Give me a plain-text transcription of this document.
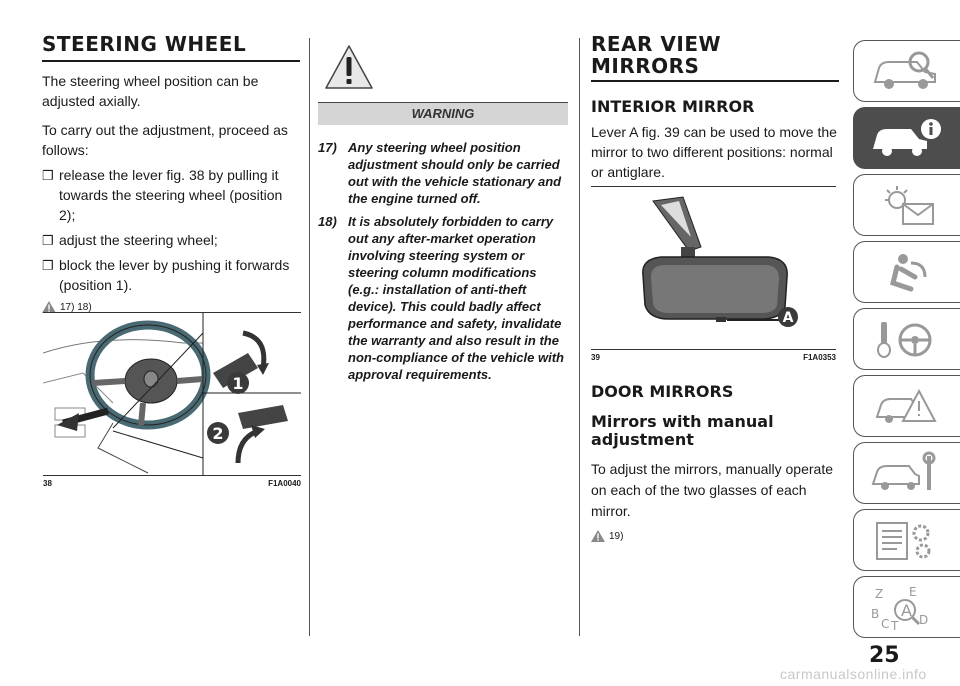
STEERING WHEEL

The steering wheel position can be adjusted axially.

To carry out the adjustment, proceed as follows:

❒ release the lever fig. 38 by pulling it towards the steering wheel (position 2);
❒ adjust the steering wheel;
❒ block the lever by pushing it forwards (position 1).
17) 18)
1
2
38	F1A0040
WARNING
17) Any steering wheel position adjustment should only be carried out with the vehicle stationary and the engine turned off.
18) It is absolutely forbidden to carry out any after-market operation involving steering system or steering column modifications (e.g.: installation of anti-theft device). This could badly affect performance and safety, invalidate the warranty and also result in the non-compliance of the vehicle with approval requirements.
REAR VIEW
MIRRORS
INTERIOR MIRROR

Lever A fig. 39 can be used to move the mirror to two different positions: normal or antiglare.

A
39	F1A0353
DOOR MIRRORS
Mirrors with manual
adjustment

To adjust the mirrors, manually operate on each of the two glasses of each mirror.

19)
Z E
B A
C T D
25
carmanualsonline.info
